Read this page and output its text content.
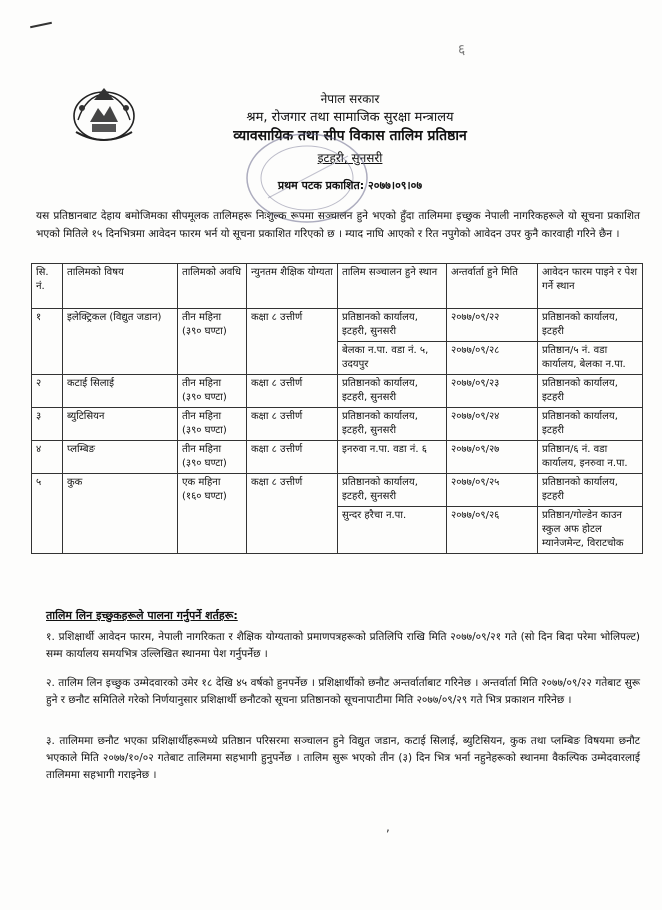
६
नेपाल सरकार
श्रम, रोजगार तथा सामाजिक सुरक्षा मन्त्रालय
व्यावसायिक तथा सीप विकास तालिम प्रतिष्ठान
इटहरी, सुनसरी
प्रथम पटक प्रकाशित: २०७७।०९।०७
यस प्रतिष्ठानबाट देहाय बमोजिमका सीपमूलक तालिमहरू निःशुल्क रूपमा सञ्चालन हुने भएको हुँदा तालिममा इच्छुक नेपाली नागरिकहरूले यो सूचना प्रकाशित भएको मितिले १५ दिनभित्रमा आवेदन फारम भर्न यो सूचना प्रकाशित गरिएको छ । म्याद नाघि आएको र रित नपुगेको आवेदन उपर कुनै कारवाही गरिने छैन ।
सि. नं.	तालिमको विषय	तालिमको अवधि	न्युनतम शैक्षिक योग्यता	तालिम सञ्चालन हुने स्थान	अन्तर्वार्ता हुने मिति	आवेदन फारम पाइने र पेश गर्ने स्थान
१	इलेक्ट्रिकल (विद्युत जडान)	तीन महिना (३९० घण्टा)	कक्षा ८ उत्तीर्ण	प्रतिष्ठानको कार्यालय, इटहरी, सुनसरी	२०७७/०९/२२	प्रतिष्ठानको कार्यालय, इटहरी
				बेलका न.पा. वडा नं. ५, उदयपुर	२०७७/०९/२८	प्रतिष्ठान/५ नं. वडा कार्यालय, बेलका न.पा.
२	कटाई सिलाई	तीन महिना (३९० घण्टा)	कक्षा ८ उत्तीर्ण	प्रतिष्ठानको कार्यालय, इटहरी, सुनसरी	२०७७/०९/२३	प्रतिष्ठानको कार्यालय, इटहरी
३	ब्युटिसियन	तीन महिना (३९० घण्टा)	कक्षा ८ उत्तीर्ण	प्रतिष्ठानको कार्यालय, इटहरी, सुनसरी	२०७७/०९/२४	प्रतिष्ठानको कार्यालय, इटहरी
४	प्लम्बिङ	तीन महिना (३९० घण्टा)	कक्षा ८ उत्तीर्ण	इनरुवा न.पा. वडा नं. ६	२०७७/०९/२७	प्रतिष्ठान/६ नं. वडा कार्यालय, इनरुवा न.पा.
५	कुक	एक महिना (१६० घण्टा)	कक्षा ८ उत्तीर्ण	प्रतिष्ठानको कार्यालय, इटहरी, सुनसरी	२०७७/०९/२५	प्रतिष्ठानको कार्यालय, इटहरी
				सुन्दर हरैचा न.पा.	२०७७/०९/२६	प्रतिष्ठान/गोल्डेन काउन स्कुल अफ होटल म्यानेजमेन्ट, विराटचोक
तालिम लिन इच्छुकहरूले पालना गर्नुपर्ने शर्तहरू:
१. प्रशिक्षार्थी आवेदन फारम, नेपाली नागरिकता र शैक्षिक योग्यताको प्रमाणपत्रहरूको प्रतिलिपि राखि मिति २०७७/०९/२१ गते (सो दिन बिदा परेमा भोलिपल्ट) सम्म कार्यालय समयभित्र उल्लिखित स्थानमा पेश गर्नुपर्नेछ ।
२. तालिम लिन इच्छुक उम्मेदवारको उमेर १८ देखि ४५ वर्षको हुनपर्नेछ । प्रशिक्षार्थीको छनौट अन्तर्वार्ताबाट गरिनेछ । अन्तर्वार्ता मिति २०७७/०९/२२ गतेबाट सुरू हुने र छनौट समितिले गरेको निर्णयानुसार प्रशिक्षार्थी छनौटको सूचना प्रतिष्ठानको सूचनापाटीमा मिति २०७७/०९/२९ गते भित्र प्रकाशन गरिनेछ ।
३. तालिममा छनौट भएका प्रशिक्षार्थीहरूमध्ये प्रतिष्ठान परिसरमा सञ्चालन हुने विद्युत जडान, कटाई सिलाई, ब्युटिसियन, कुक तथा प्लम्बिङ विषयमा छनौट भएकाले मिति २०७७/१०/०२ गतेबाट तालिममा सहभागी हुनुपर्नेछ । तालिम सुरू भएको तीन (३) दिन भित्र भर्ना नहुनेहरूको स्थानमा वैकल्पिक उम्मेदवारलाई तालिममा सहभागी गराइनेछ ।
,
